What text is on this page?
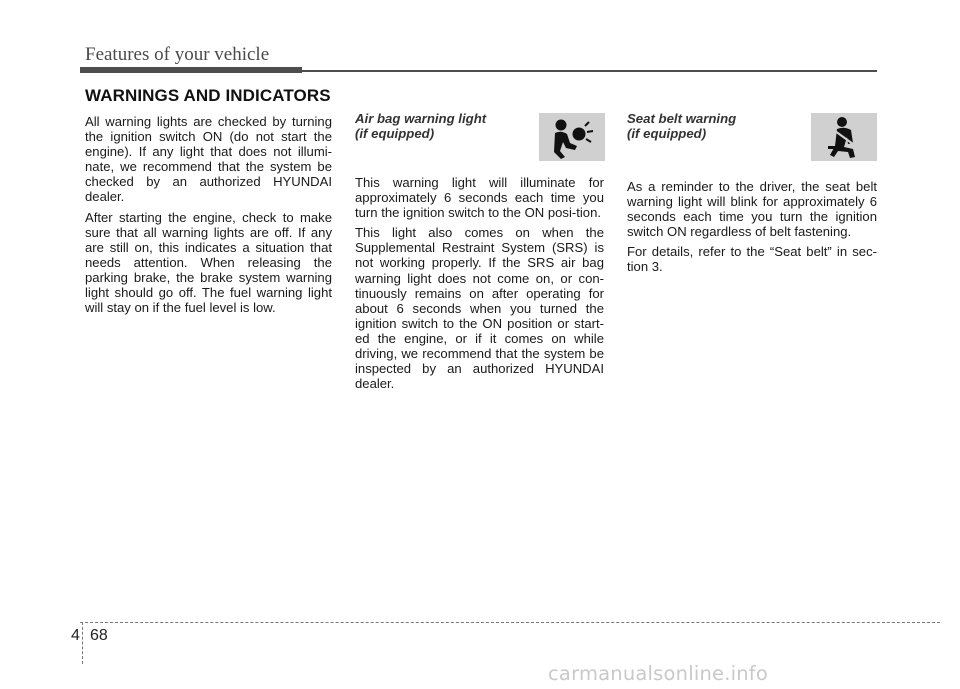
Features of your vehicle
WARNINGS AND INDICATORS

All warning lights are checked by turning the ignition switch ON (do not start the engine). If any light that does not illumi-nate, we recommend that the system be checked by an authorized HYUNDAI dealer.

After starting the engine, check to make sure that all warning lights are off. If any are still on, this indicates a situation that needs attention. When releasing the parking brake, the brake system warning light should go off. The fuel warning light will stay on if the fuel level is low.

Air bag warning light
(if equipped)

This warning light will illuminate for approximately 6 seconds each time you turn the ignition switch to the ON posi-tion.

This light also comes on when the Supplemental Restraint System (SRS) is not working properly. If the SRS air bag warning light does not come on, or con-tinuously remains on after operating for about 6 seconds when you turned the ignition switch to the ON position or start-ed the engine, or if it comes on while driving, we recommend that the system be inspected by an authorized HYUNDAI dealer.

Seat belt warning
(if equipped)

As a reminder to the driver, the seat belt warning light will blink for approximately 6 seconds each time you turn the ignition switch ON regardless of belt fastening.

For details, refer to the “Seat belt” in sec-tion 3.

4 68
carmanualsonline.info
